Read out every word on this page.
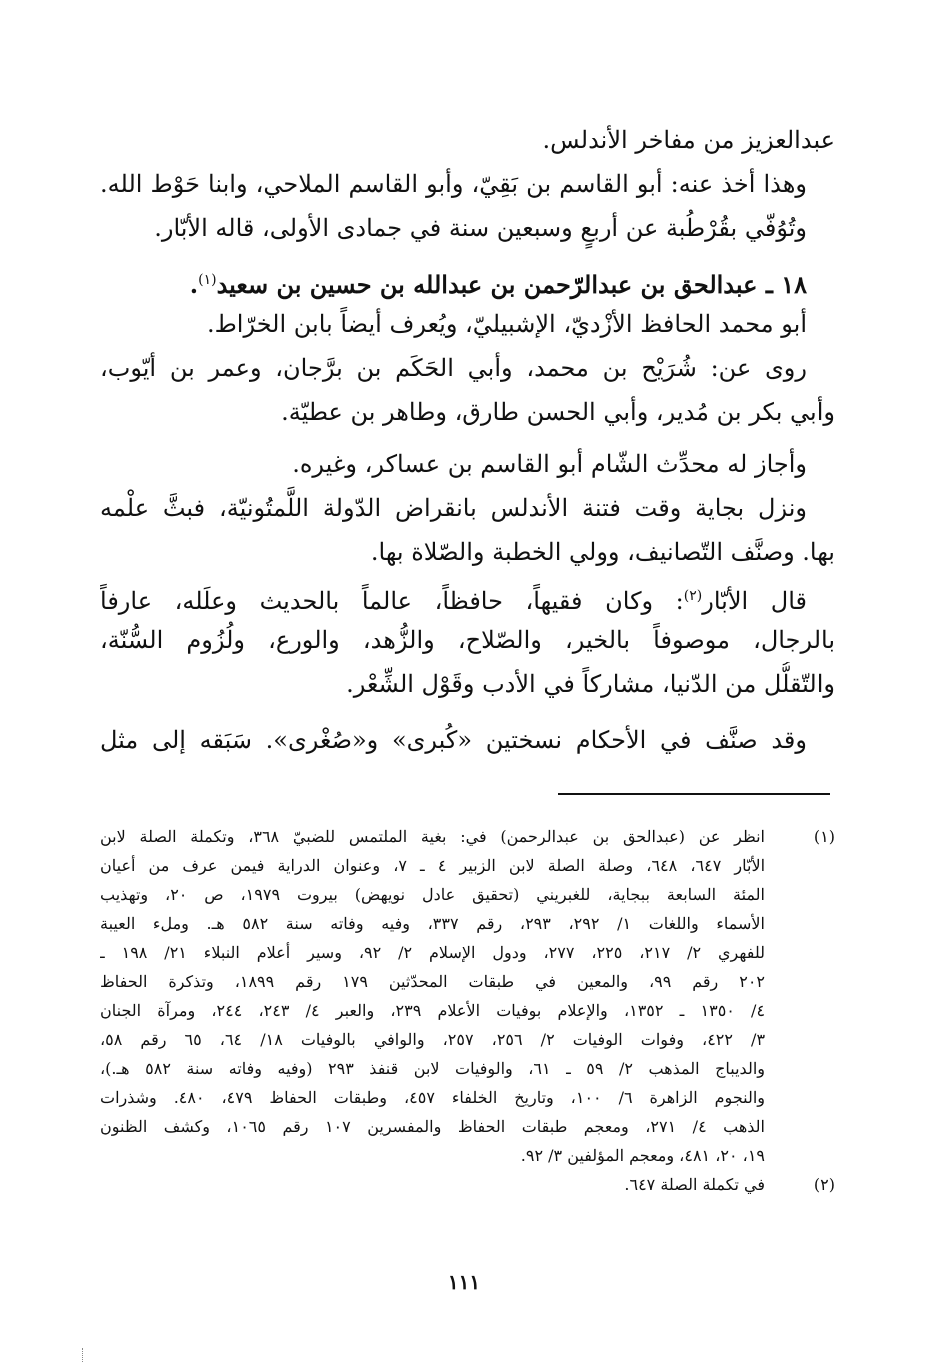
عبدالعزيز من مفاخر الأندلس.
وهذا أخذ عنه: أبو القاسم بن بَقِيّ، وأبو القاسم الملاحي، وابنا حَوْط الله.
وتُوُفّي بقُرْطُبة عن أربعٍ وسبعين سنة في جمادى الأولى، قاله الأبّار.
١٨ ـ عبدالحق بن عبدالرّحمن بن عبدالله بن حسين بن سعيد$^{(١)}$.
أبو محمد الحافظ الأزْديّ، الإشبيليّ، ويُعرف أيضاً بابن الخرّاط.
روى عن: شُرَيْح بن محمد، وأبي الحَكَم بن برَّجان، وعمر بن أيّوب،
وأبي بكر بن مُدير، وأبي الحسن طارق، وطاهر بن عطيّة.
وأجاز له محدِّث الشّام أبو القاسم بن عساكر، وغيره.
ونزل بجاية وقت فتنة الأندلس بانقراض الدّولة اللَّمتُونيّة، فبثَّ علْمه
بها. وصنَّف التّصانيف، وولي الخطبة والصّلاة بها.
قال الأبّار$^{(٢)}$: وكان فقيهاً، حافظاً، عالماً بالحديث وعلَله، عارفاً
بالرجال، موصوفاً بالخير، والصّلاح، والزُّهد، والورع، ولُزُوم السُّنّة،
والتّقلُّل من الدّنيا، مشاركاً في الأدب وقَوْل الشِّعْر.
وقد صنَّف في الأحكام نسختين «كُبرى» و«صُغْرى». سَبَقه إلى مثل
(١)
انظر عن (عبدالحق بن عبدالرحمن) في: بغية الملتمس للضبيّ ٣٦٨، وتكملة الصلة لابن
الأبّار ٦٤٧، ٦٤٨، وصلة الصلة لابن الزبير ٤ ـ ٧، وعنوان الدراية فيمن عرف من أعيان
المئة السابعة ببجاية، للغبريني (تحقيق عادل نويهض) بيروت ١٩٧٩، ص ٢٠، وتهذيب
الأسماء واللغات ١/ ٢٩٢، ٢٩٣، رقم ٣٣٧، وفيه وفاته سنة ٥٨٢ هـ. وملء العيبة
للفهري ٢/ ٢١٧، ٢٢٥، ٢٧٧، ودول الإسلام ٢/ ٩٢، وسير أعلام النبلاء ٢١/ ١٩٨ ـ
٢٠٢ رقم ٩٩، والمعين في طبقات المحدّثين ١٧٩ رقم ١٨٩٩، وتذكرة الحفاظ
٤/ ١٣٥٠ ـ ١٣٥٢، والإعلام بوفيات الأعلام ٢٣٩، والعبر ٤/ ٢٤٣، ٢٤٤، ومرآة الجنان
٣/ ٤٢٢، وفوات الوفيات ٢/ ٢٥٦، ٢٥٧، والوافي بالوفيات ١٨/ ٦٤، ٦٥ رقم ٥٨،
والديباج المذهب ٢/ ٥٩ ـ ٦١، والوفيات لابن قنفذ ٢٩٣ (وفيه وفاته سنة ٥٨٢ هـ.)،
والنجوم الزاهرة ٦/ ١٠٠، وتاريخ الخلفاء ٤٥٧، وطبقات الحفاظ ٤٧٩، ٤٨٠. وشذرات
الذهب ٤/ ٢٧١، ومعجم طبقات الحفاظ والمفسرين ١٠٧ رقم ١٠٦٥، وكشف الظنون
١٩، ٢٠، ٤٨١، ومعجم المؤلفين ٣/ ٩٢.
(٢)
في تكملة الصلة ٦٤٧.
١١١
